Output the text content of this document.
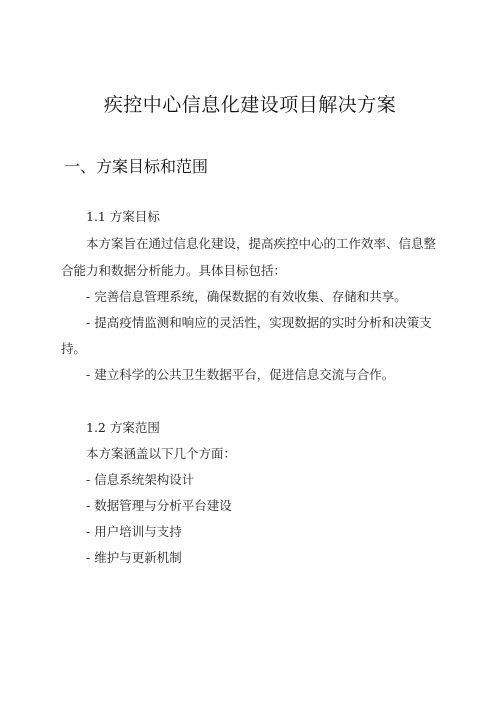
疾控中心信息化建设项目解决方案
一、方案目标和范围
1.1 方案目标
本方案旨在通过信息化建设，提高疾控中心的工作效率、信息整
合能力和数据分析能力。具体目标包括：
- 完善信息管理系统，确保数据的有效收集、存储和共享。
- 提高疫情监测和响应的灵活性，实现数据的实时分析和决策支
持。
- 建立科学的公共卫生数据平台，促进信息交流与合作。
1.2 方案范围
本方案涵盖以下几个方面：
- 信息系统架构设计
- 数据管理与分析平台建设
- 用户培训与支持
- 维护与更新机制
